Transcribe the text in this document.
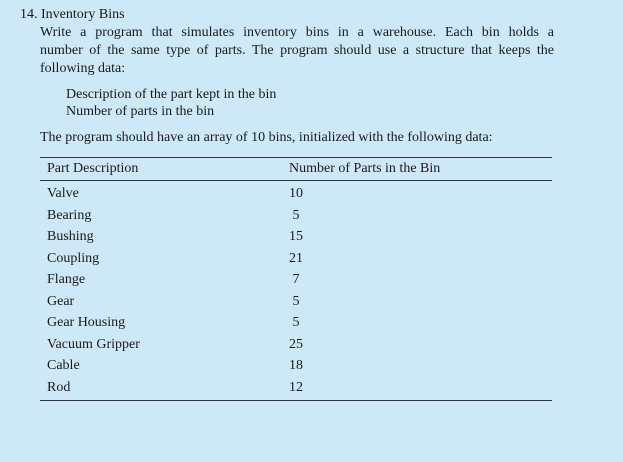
14. Inventory Bins
Write a program that simulates inventory bins in a warehouse. Each bin holds a
number of the same type of parts. The program should use a structure that keeps the
following data:
Description of the part kept in the bin
Number of parts in the bin
The program should have an array of 10 bins, initialized with the following data:
Part Description	Number of Parts in the Bin
Valve	10
Bearing	5
Bushing	15
Coupling	21
Flange	7
Gear	5
Gear Housing	5
Vacuum Gripper	25
Cable	18
Rod	12
